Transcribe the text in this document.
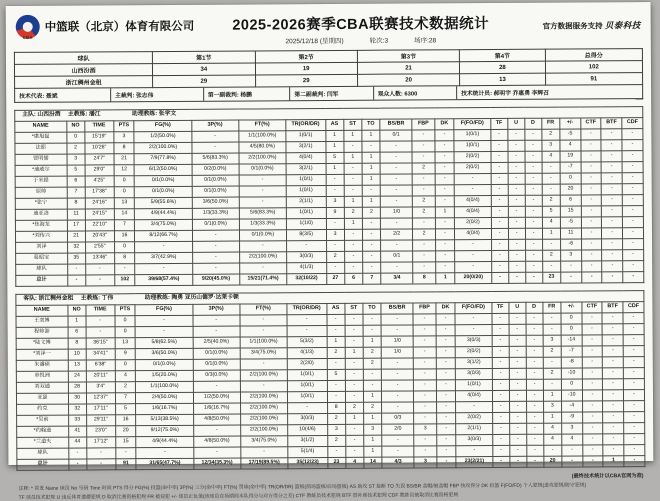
CBA
中篮联（北京）体育有限公司	2025-2026赛季CBA联赛技术数据统计
2025/12/18 (星期四)	轮次:3	场序:28
官方数据服务支持 贝泰科技
球队	第1节	第2节	第3节	第4节	总得分
山西汾酒	34	19	21	28	102
浙江稠州金租	29	29	20	13	91
技术代表: 聂斌	主裁判: 张志伟	第一副裁判: 杨鹏	第二副裁判: 闫军	观众人数: 6300	技术统计员: 郝明宇 乔惠勇 李辉召
主队: 山西汾酒 主教练: 潘江 助理教练: 张学文																						
NAME	NO	TIME	PTS	FG(%)	3P(%)	FT(%)	TR(OR/DR)	AS	ST	TO	BS/BR	FBP	DK	F(FO/FD)	TF	U	D	FR	+/-	CTF	BTF	CDF
*康旭磊	0	15'19"	3	1/2(50.0%)	-	1/1(100.0%)	1(0/1)	1	1	1	0/1	-	-	1(0/1)	-	-	-	2	-5	-	-	-
法耶	2	10'26"	8	2/2(100.0%)	-	4/5(80.0%)	3(2/1)	1	-	-	-	-	-	1(0/1)	-	-	-	3	4	-	-	-
贾明儒	3	24'7"	21	7/9(77.8%)	5/6(83.3%)	2/2(100.0%)	4(0/4)	5	1	1	-	-	-	2(0/2)	-	-	-	4	19	-	-	-
*迪威尔	5	29'0"	12	6/12(50.0%)	0/2(0.0%)	0/1(0.0%)	3(2/1)	1	-	1	-	2	-	2(0/2)	-	-	-	-	-7	-	-	-
于米提	6	4'25"	0	0/1(0.0%)	0/1(0.0%)	-	1(0/1)	-	-	1	-	-	-	-	-	-	-	-	0	-	-	-
原帅	7	17'38"	0	0/1(0.0%)	0/1(0.0%)	-	1(0/1)	-	-	-	-	-	-	-	-	-	-	-	20	-	-	-
*张宁	8	24'16"	13	5/9(55.6%)	3/6(50.0%)	-	2(1/1)	3	1	1	-	2	-	4(0/4)	-	-	-	2	6	-	-	-
迪亚洛	11	24'15"	14	4/9(44.4%)	1/3(33.3%)	5/6(83.3%)	1(0/1)	9	2	2	1/0	2	1	4(0/4)	-	-	-	5	15	-	-	-
*焦海龙	17	22'10"	7	3/4(75.0%)	0/1(0.0%)	1/3(33.3%)	1(1/0)	-	1	-	-	-	-	2(0/2)	-	-	-	4	-5	-	-	-
*刘传兴	21	20'43"	16	8/12(66.7%)	-	0/1(0.0%)	8(3/5)	3	-	-	2/2	2	-	4(0/4)	-	-	-	1	11	-	-	-
刘泽	32	2'55"	0	-	-	-	-	-	-	-	-	-	-	-	-	-	-	-	-6	-	-	-
葛昭宝	35	13'46"	8	3/7(42.9%)	-	2/2(100.0%)	3(0/3)	2	-	-	0/1	-	-	-	-	-	-	2	3	-	-	-
球队	-	-	-	-	-	-	4(1/3)	-	-	-	-	-	-	-	-	-	-	-	-	-	-	-
总计	-	-	102	39/68(57.4%)	9/20(45.0%)	15/21(71.4%)	32(10/22)	27	6	7	3/4	8	1	20(0/20)	-	-	-	23	-	-	-	-
客队: 浙江稠州金租 主教练: 丁伟 助理教练: 陶勇 亚历山德罗·达莱卡顿																						
NAME	NO	TIME	PTS	FG(%)	3P(%)	FT(%)	TR(OR/DR)	AS	ST	TO	BS/BR	FBP	DK	F(FO/FD)	TF	U	D	FR	+/-	CTF	BTF	CDF
王奕博	1	-	0	-	-	-	-	-	-	-	-	-	-	-	-	-	-	-	0	-	-	-
程帅澎	6	-	0	-	-	-	-	-	-	-	-	-	-	-	-	-	-	-	0	-	-	-
*陆文博	8	36'15"	13	5/8(62.5%)	2/5(40.0%)	1/1(100.0%)	5(3/2)	1	-	1	1/0	-	-	3(0/3)	-	-	-	3	-14	-	-	-
*刘泽一	10	34'41"	9	3/6(50.0%)	0/1(0.0%)	3/4(75.0%)	4(1/3)	2	1	2	1/0	-	-	2(0/2)	-	-	-	2	-7	-	-	-
朱濬硕	13	6'38"	0	0/1(0.0%)	0/1(0.0%)	-	2(2/0)	-	-	2	-	-	-	3(1/2)	-	-	-	-	-8	-	-	-
单悦洲	24	20'11"	4	1/5(20.0%)	0/3(0.0%)	2/2(100.0%)	1(0/1)	5	-	-	-	-	-	3(0/3)	-	-	-	2	-10	-	-	-
刘双通	28	3'4"	2	1/1(100.0%)	-	-	1(0/1)	-	-	-	-	-	-	1(0/1)	-	-	-	-	0	-	-	-
亚瑟	30	12'37"	7	2/4(50.0%)	1/2(50.0%)	2/2(100.0%)	1(0/1)	-	-	1	-	-	-	4(0/4)	-	-	-	1	-10	-	-	-
约克	32	17'11"	5	1/6(16.7%)	1/6(16.7%)	2/2(100.0%)	-	8	2	2	-	-	-	-	-	-	-	3	-4	-	-	-
*吴前	33	29'11"	16	5/13(38.5%)	4/8(50.0%)	2/2(100.0%)	3(0/3)	2	1	1	0/3	-	-	2(0/2)	-	-	-	1	-9	-	-	-
*约翰逊	41	23'0"	20	9/12(75.0%)	-	2/2(100.0%)	10(4/6)	3	-	3	2/0	3	-	2(1/1)	-	-	-	4	3	-	-	-
*兰道夫	44	17'12"	15	4/9(44.4%)	4/8(50.0%)	3/4(75.0%)	3(1/2)	2	-	1	-	-	-	3(0/3)	-	-	-	4	4	-	-	-
球队	-	-	-	-	-	-	5(1/4)	-	-	1	-	-	-	-	-	-	-	-	-	-	-	-
总计	-	-	91	31/65(47.7%)	12/34(35.3%)	17/19(89.5%)	35(12/23)	23	4	14	4/3	3	-	23(2/21)	-	-	-	20	-	-	1	-
(最终技术统计以CBA官网为准)
注释: * 首发 Name 球员 No 号码 Time 时间 PTS 得分 FG(%) 投篮(命中率) 3P(%) 三分(命中率) FT(%) 罚球(命中率) TR(OR/DR) 篮板(前场篮板/后场篮板) AS 助攻 ST 抢断 TO 失误 BS/BR 盖帽/被盖帽 FBP 快攻得分 DK 扣篮 F(FO/FD) 个人犯规(进攻犯规/防守犯规)
TF 球员技术犯规 U 违反体育道德犯规 D 取消比赛资格犯规 FR 被侵犯 +/- 球员正负值(该球员在场期间本队得分与对方得分之差) CTF 教练员技术犯规 BTF 替补席技术犯规 CDF 教练员被取消比赛资格犯规
